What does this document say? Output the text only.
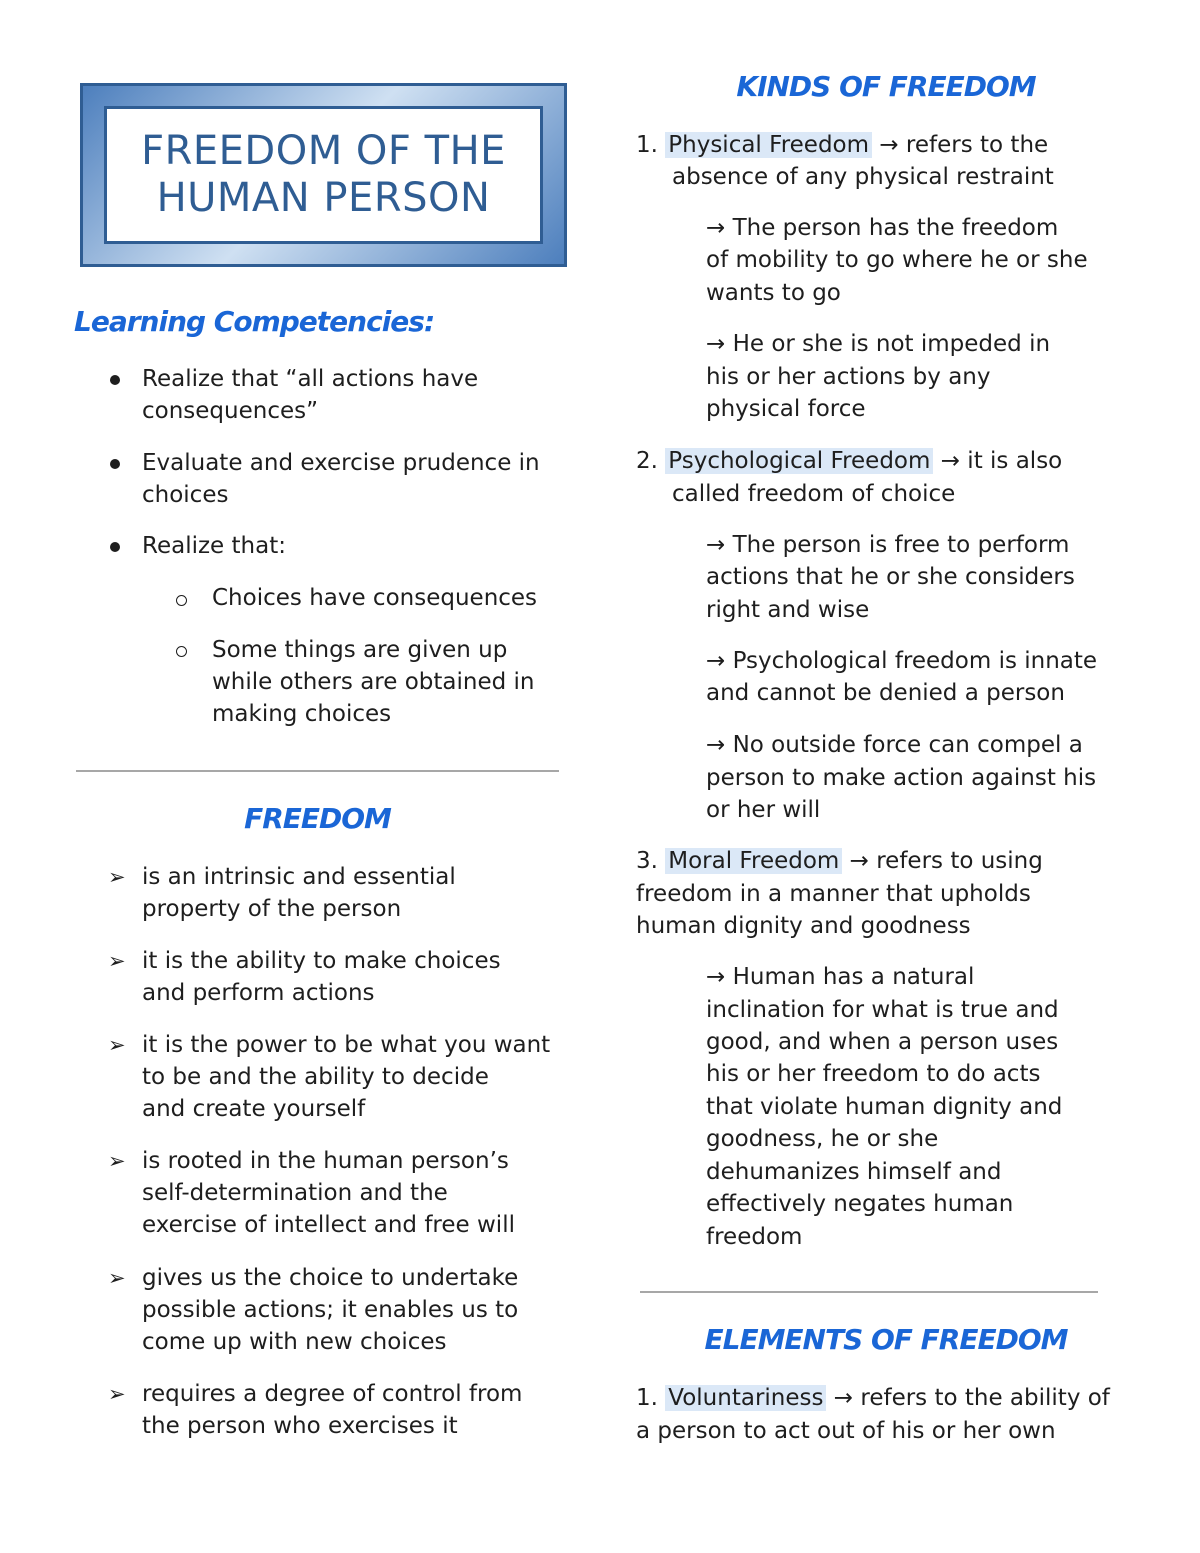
FREEDOM OF THE
HUMAN PERSON
Learning Competencies:
Realize that “all actions have
consequences”
Evaluate and exercise prudence in
choices
Realize that:
Choices have consequences
Some things are given up
while others are obtained in
making choices
FREEDOM
➢ is an intrinsic and essential
property of the person
➢ it is the ability to make choices
and perform actions
➢ it is the power to be what you want
to be and the ability to decide
and create yourself
➢ is rooted in the human person’s
self-determination and the
exercise of intellect and free will
➢ gives us the choice to undertake
possible actions; it enables us to
come up with new choices
➢ requires a degree of control from
the person who exercises it
KINDS OF FREEDOM
1. Physical Freedom → refers to the
absence of any physical restraint
→ The person has the freedom
of mobility to go where he or she
wants to go
→ He or she is not impeded in
his or her actions by any
physical force
2. Psychological Freedom → it is also
called freedom of choice
→ The person is free to perform
actions that he or she considers
right and wise
→ Psychological freedom is innate
and cannot be denied a person
→ No outside force can compel a
person to make action against his
or her will
3. Moral Freedom → refers to using
freedom in a manner that upholds
human dignity and goodness
→ Human has a natural
inclination for what is true and
good, and when a person uses
his or her freedom to do acts
that violate human dignity and
goodness, he or she
dehumanizes himself and
effectively negates human
freedom
ELEMENTS OF FREEDOM
1. Voluntariness → refers to the ability of
a person to act out of his or her own
